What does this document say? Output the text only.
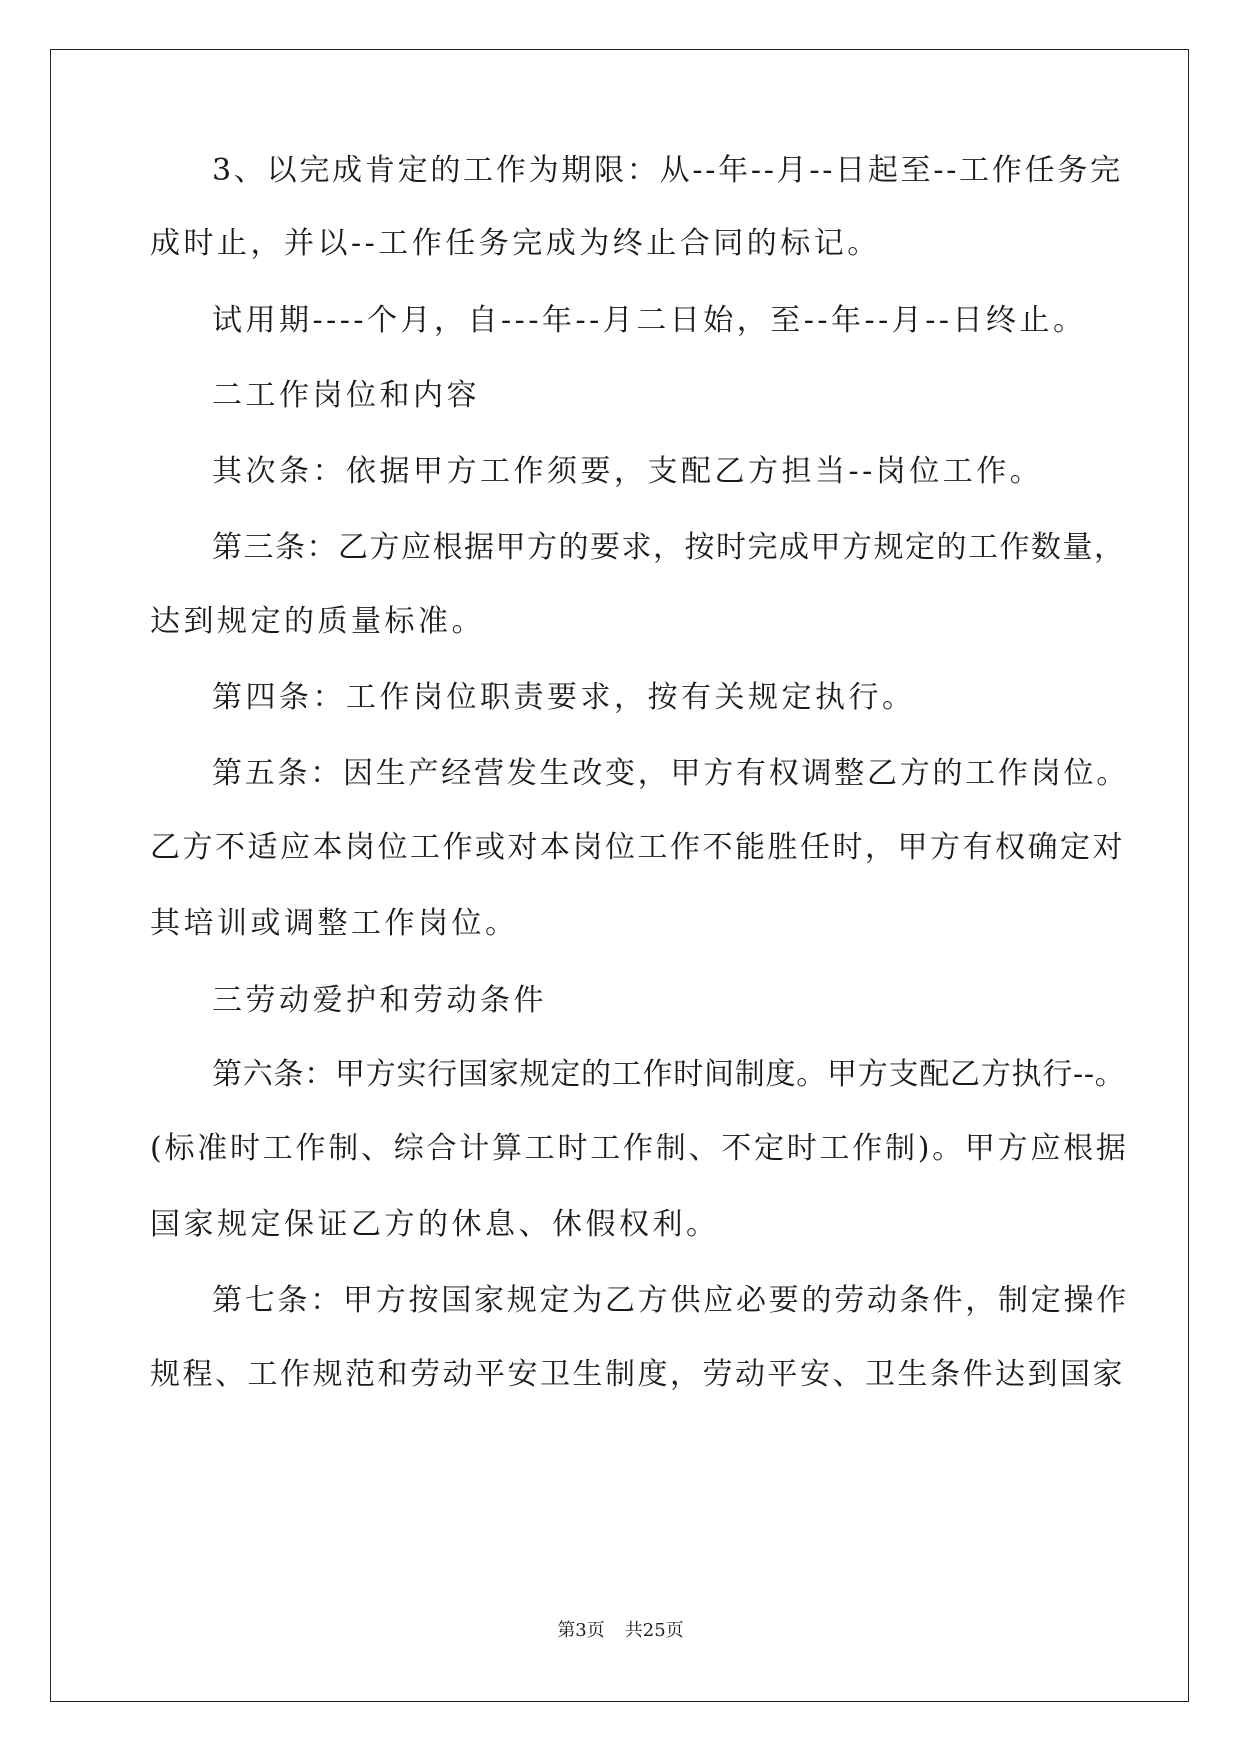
3、以完成肯定的工作为期限：从--年--月--日起至--工作任务完
成时止，并以--工作任务完成为终止合同的标记。
试用期----个月，自---年--月二日始，至--年--月--日终止。
二工作岗位和内容
其次条：依据甲方工作须要，支配乙方担当--岗位工作。
第三条：乙方应根据甲方的要求，按时完成甲方规定的工作数量，
达到规定的质量标准。
第四条：工作岗位职责要求，按有关规定执行。
第五条：因生产经营发生改变，甲方有权调整乙方的工作岗位。
乙方不适应本岗位工作或对本岗位工作不能胜任时，甲方有权确定对
其培训或调整工作岗位。
三劳动爱护和劳动条件
第六条：甲方实行国家规定的工作时间制度。甲方支配乙方执行--。
(标准时工作制、综合计算工时工作制、不定时工作制)。甲方应根据
国家规定保证乙方的休息、休假权利。
第七条：甲方按国家规定为乙方供应必要的劳动条件，制定操作
规程、工作规范和劳动平安卫生制度，劳动平安、卫生条件达到国家
第3页 共25页
